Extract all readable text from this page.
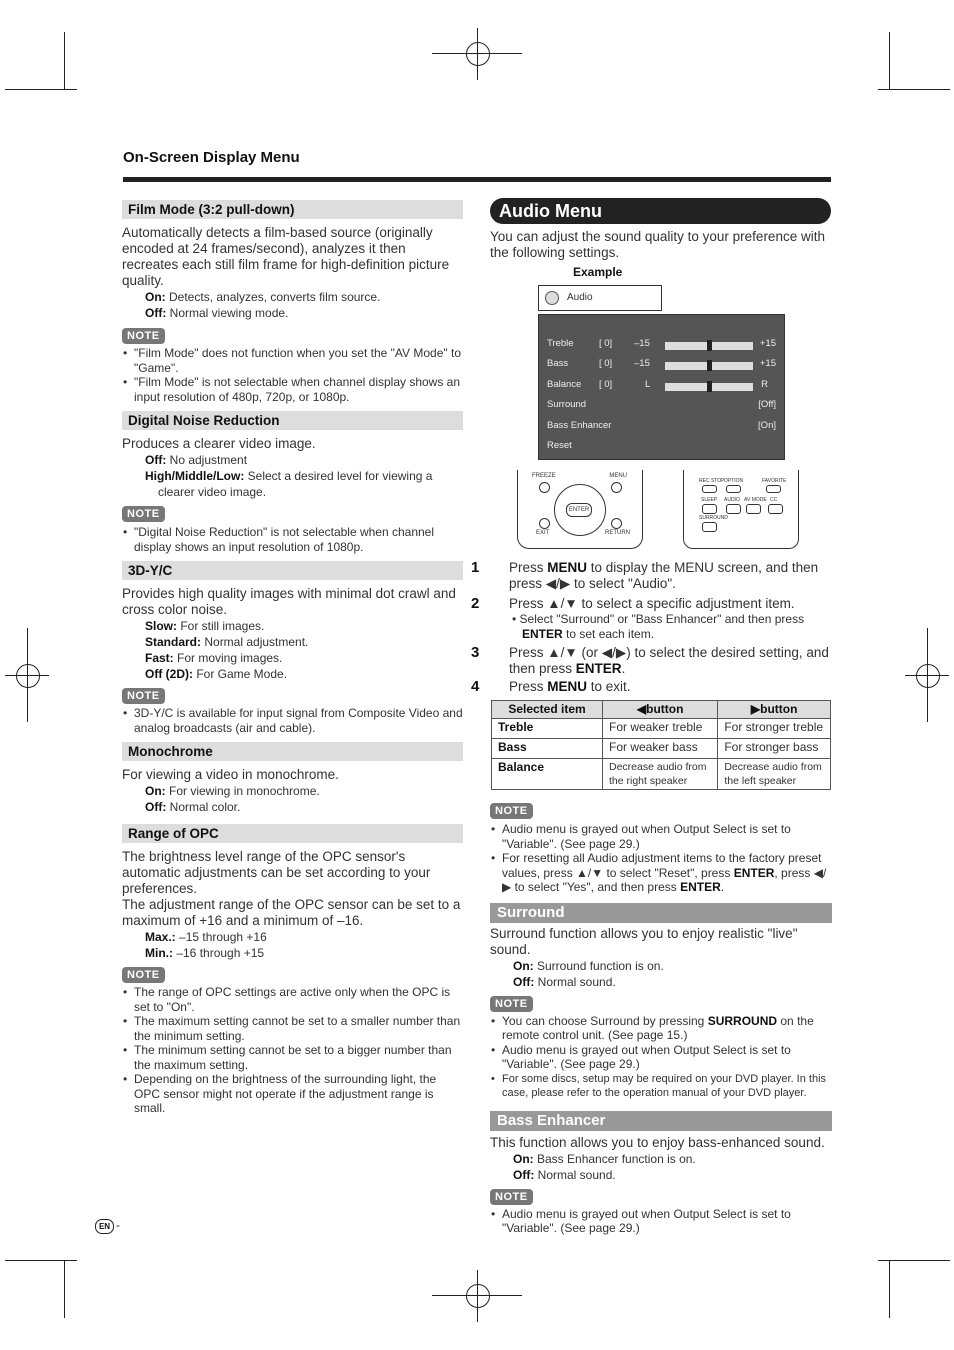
On-Screen Display Menu
Film Mode (3:2 pull-down)

Automatically detects a film-based source (originally encoded at 24 frames/second), analyzes it then recreates each still film frame for high-definition picture quality.

On: Detects, analyzes, converts film source.
Off: Normal viewing mode.
NOTE
• "Film Mode" does not function when you set the "AV Mode" to "Game".
• "Film Mode" is not selectable when channel display shows an input resolution of 480p, 720p, or 1080p.
Digital Noise Reduction

Produces a clearer video image.

Off: No adjustment
High/Middle/Low: Select a desired level for viewing a clearer video image.
NOTE
• "Digital Noise Reduction" is not selectable when channel display shows an input resolution of 1080p.
3D-Y/C

Provides high quality images with minimal dot crawl and cross color noise.

Slow: For still images.
Standard: Normal adjustment.
Fast: For moving images.
Off (2D): For Game Mode.
NOTE
• 3D-Y/C is available for input signal from Composite Video and analog broadcasts (air and cable).
Monochrome

For viewing a video in monochrome.

On: For viewing in monochrome.
Off: Normal color.
Range of OPC

The brightness level range of the OPC sensor's automatic adjustments can be set according to your preferences.

The adjustment range of the OPC sensor can be set to a maximum of +16 and a minimum of –16.

Max.: –15 through +16
Min.: –16 through +15
NOTE
• The range of OPC settings are active only when the OPC is set to "On".
• The maximum setting cannot be set to a smaller number than the minimum setting.
• The minimum setting cannot be set to a bigger number than the maximum setting.
• Depending on the brightness of the surrounding light, the OPC sensor might not operate if the adjustment range is small.
Audio Menu
You can adjust the sound quality to your preference with the following settings.
Example
Audio
Treble	[ 0] –15	+15
Bass	[ 0] –15	+15
Balance [ 0]	L	R
Surround	[Off]
Bass Enhancer	[On]
Reset
FREEZE	MENU
ENTER
EXIT	RETURN
REC STOP OPTION	FAVORITE
SLEEP AUDIO AV MODE CC
SURROUND
1 Press MENU to display the MENU screen, and then press ◀/▶ to select "Audio".
2 Press ▲/▼ to select a specific adjustment item.
• Select "Surround" or "Bass Enhancer" and then press ENTER to set each item.
3 Press ▲/▼ (or ◀/▶) to select the desired setting, and then press ENTER.
4 Press MENU to exit.
Selected item	◀button	▶button
Treble	For weaker treble	For stronger treble
Bass	For weaker bass	For stronger bass
Balance	Decrease audio from the right speaker	Decrease audio from the left speaker
NOTE
• Audio menu is grayed out when Output Select is set to "Variable". (See page 29.)
• For resetting all Audio adjustment items to the factory preset values, press ▲/▼ to select "Reset", press ENTER, press ◀/▶ to select "Yes", and then press ENTER.
Surround

Surround function allows you to enjoy realistic "live" sound.

On: Surround function is on.
Off: Normal sound.
NOTE
• You can choose Surround by pressing SURROUND on the remote control unit. (See page 15.)
• Audio menu is grayed out when Output Select is set to "Variable". (See page 29.)
• For some discs, setup may be required on your DVD player. In this case, please refer to the operation manual of your DVD player.
Bass Enhancer

This function allows you to enjoy bass-enhanced sound.

On: Bass Enhancer function is on.
Off: Normal sound.
NOTE
• Audio menu is grayed out when Output Select is set to "Variable". (See page 29.)
EN -
